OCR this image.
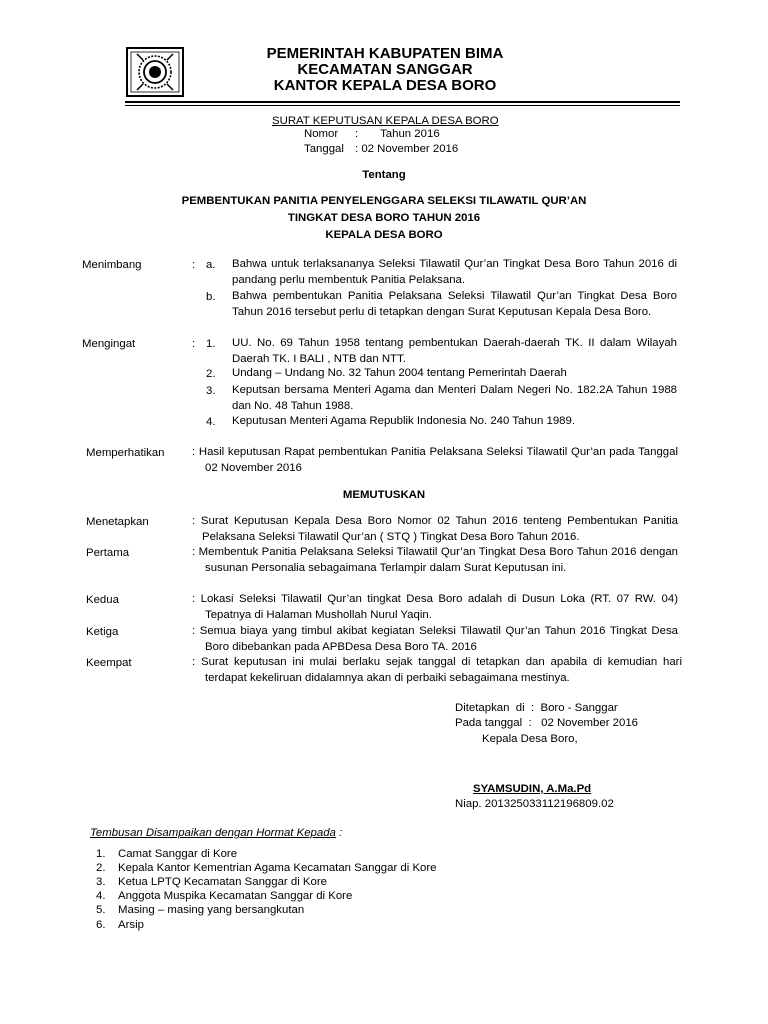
PEMERINTAH KABUPATEN BIMA
KECAMATAN SANGGAR
KANTOR KEPALA DESA BORO
SURAT KEPUTUSAN KEPALA DESA BORO
Nomor :       Tahun 2016
Tanggal : 02 November 2016
Tentang
PEMBENTUKAN PANITIA PENYELENGGARA SELEKSI TILAWATIL QUR’AN
TINGKAT DESA BORO TAHUN 2016
KEPALA DESA BORO
Menimbang	: a. Bahwa untuk terlaksananya Seleksi Tilawatil Qur’an Tingkat Desa Boro Tahun 2016 di pandang perlu membentuk Panitia Pelaksana.
b. Bahwa pembentukan Panitia Pelaksana Seleksi Tilawatil Qur’an Tingkat Desa Boro Tahun 2016 tersebut perlu di tetapkan dengan Surat Keputusan Kepala Desa Boro.
Mengingat	: 1. UU. No. 69 Tahun 1958 tentang pembentukan Daerah-daerah TK. II dalam Wilayah Daerah TK. I BALI , NTB dan NTT.
2. Undang – Undang No. 32 Tahun 2004 tentang Pemerintah Daerah
3. Keputsan bersama Menteri Agama dan Menteri Dalam Negeri No. 182.2A Tahun 1988 dan No. 48 Tahun 1988.
4. Keputusan Menteri Agama Republik Indonesia No. 240 Tahun 1989.
Memperhatikan : Hasil keputusan Rapat pembentukan Panitia Pelaksana Seleksi Tilawatil Qur’an pada Tanggal 02 November 2016
MEMUTUSKAN
Menetapkan	: Surat Keputusan Kepala Desa Boro Nomor 02 Tahun 2016 tenteng Pembentukan Panitia Pelaksana Seleksi Tilawatil Qur’an ( STQ ) Tingkat Desa Boro Tahun 2016.
Pertama	: Membentuk Panitia Pelaksana Seleksi Tilawatil Qur’an Tingkat Desa Boro Tahun 2016 dengan susunan Personalia sebagaimana Terlampir dalam Surat Keputusan ini.
Kedua	: Lokasi Seleksi Tilawatil Qur’an tingkat Desa Boro adalah di Dusun Loka (RT. 07 RW. 04) Tepatnya di Halaman Mushollah Nurul Yaqin.
Ketiga	: Semua biaya yang timbul akibat kegiatan Seleksi Tilawatil Qur’an Tahun 2016 Tingkat Desa Boro dibebankan pada APBDesa Desa Boro TA. 2016
Keempat	: Surat keputusan ini mulai berlaku sejak tanggal di tetapkan dan apabila di kemudian hari terdapat kekeliruan didalamnya akan di perbaiki sebagaimana mestinya.
Ditetapkan  di  :  Boro - Sanggar
Pada tanggal  :   02 November 2016
Kepala Desa Boro,
SYAMSUDIN, A.Ma.Pd
Niap. 201325033112196809.02
Tembusan Disampaikan dengan Hormat Kepada :
1. Camat Sanggar di Kore
2. Kepala Kantor Kementrian Agama Kecamatan Sanggar di Kore
3. Ketua LPTQ Kecamatan Sanggar di Kore
4. Anggota Muspika Kecamatan Sanggar di Kore
5. Masing – masing yang bersangkutan
6. Arsip
